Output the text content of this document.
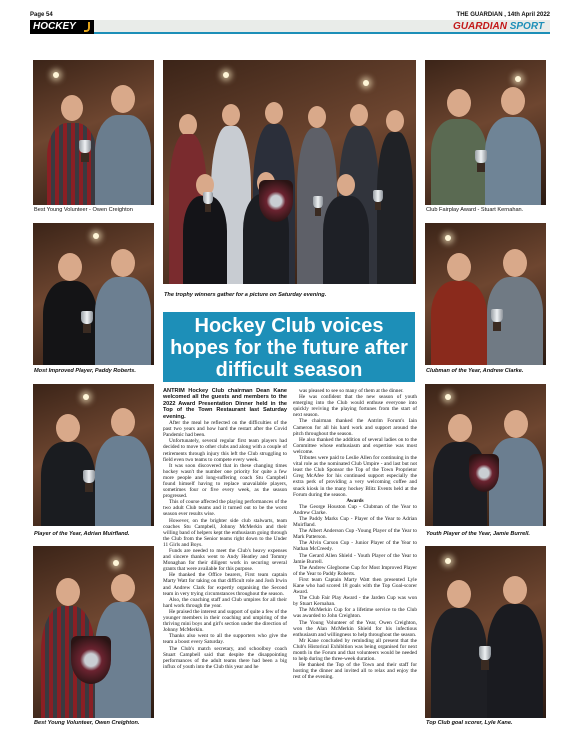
Page 54	THE GUARDIAN , 14th April 2022
HOCKEY	GUARDIAN SPORT
Best Young Volunteer - Owen Creighton
The trophy winners gather for a picture on Saturday evening.
Club Fairplay Award - Stuart Kernahan.
Most Improved Player, Paddy Roberts.
Hockey Club voices hopes for the future after difficult season	Clubman of the Year, Andrew Clarke.
Player of the Year, Adrian Muirfland.	Youth Player of the Year, Jamie Burrell.
Best Young Volunteer, Owen Creighton.	Top Club goal scorer, Lyle Kane.

ANTRIM Hockey Club chairman Dean Kane welcomed all the guests and members to the 2022 Award Presentation Dinner held in the Top of the Town Restaurant last Saturday evening.

After the meal he reflected on the difficulties of the past two years and how hard the restart after the Covid Pandemic had been.

Unfortunately, several regular first team players had decided to move to other clubs and along with a couple of retirements through injury this left the Club struggling to field even two teams to compete every week.

It was soon discovered that in these changing times hockey wasn't the number one priority for quite a few more people and long-suffering coach Stu Campbell found himself having to replace unavailable players, sometimes four or five every week, as the season progressed.

This of course affected the playing performances of the two adult Club teams and it turned out to be the worst season ever results wise.

However, on the brighter side club stalwarts, team coaches Stu Campbell, Johnny McMerkin and their willing band of helpers kept the enthusiasm going through the Club from the Senior teams right down to the Under 11 Girls and Boys.

Funds are needed to meet the Club's heavy expenses and sincere thanks went to Andy Heatley and Tommy Monaghan for their diligent work in securing several grants that were available for this purpose.

He thanked the Office bearers, First team captain Marty Watt for taking on that difficult role and Josh Irwin and Andrew Clark for expertly organising the Second team in very trying circumstances throughout the season.

Also, the coaching staff and Club umpires for all their hard work through the year.

He praised the interest and support of quite a few of the younger members in their coaching and umpiring of the thriving mini boys and girl's section under the direction of Johnny McMerkin.

Thanks also went to all the supporters who give the team a boost every Saturday.

The Club's match secretary, and schoolboy coach Stuart Campbell said that despite the disappointing performances of the adult teams there had been a big influx of youth into the Club this year and he

was pleased to see so many of them at the dinner.

He was confident that the new season of youth emerging into the Club would enthuse everyone into quickly reviving the playing fortunes from the start of next season.

The chairman thanked the Antrim Forum's Iain Cameron for all his hard work and support around the pitch throughout the season.

He also thanked the addition of several ladies on to the Committee whose enthusiasm and expertise was most welcome.

Tributes were paid to Leslie Allen for continuing in the vital role as the nominated Club Umpire - and last but not least the Club Sponsor the Top of the Town Proprietor Greg McAfee for his continued support especially the extra perk of providing a very welcoming coffee and snack kiosk in the many hockey Blitz Events held at the Forum during the season.

Awards

The George Houston Cup - Clubman of the Year to Andrew Clarke.

The Paddy Marks Cup - Player of the Year to Adrian Muirfland.

The Albert Anderson Cup -Young Player of the Year to Mark Patterson.

The Alvin Carson Cup - Junior Player of the Year to Nathan McCreedy.

The Gerard Allen Shield - Youth Player of the Year to Jamie Burrell.

The Andrew Glegborne Cup for Most Improved Player of the Year to Paddy Roberts.

First team Captain Marty Watt then presented Lyle Kane who had scored 18 goals with the Top Goal-scorer Award.

The Club Fair Play Award - the Jarden Cup was won by Stuart Kernahan.

The McMerkin Cup for a lifetime service to the Club was awarded to John Creighton.

The Young Volunteer of the Year, Owen Creighton, won the Alan McMerkin Shield for his infectious enthusiasm and willingness to help throughout the season.

Mr Kane concluded by reminding all present that the Club's Historical Exhibition was being organised for next month in the Forum and that volunteers would be needed to help during the three-week duration.

He thanked the Top of the Town and their staff for hosting the dinner and invited all to relax and enjoy the rest of the evening.
